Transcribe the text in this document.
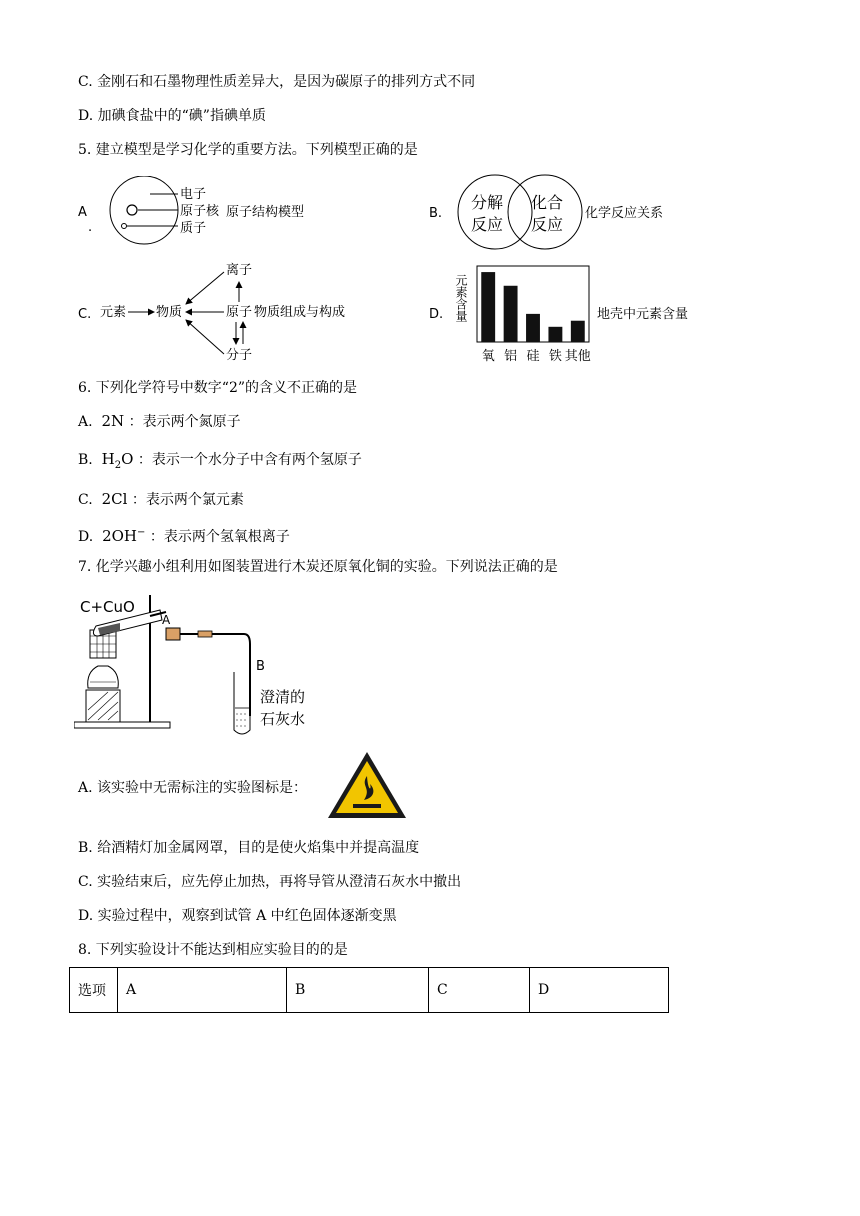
C. 金刚石和石墨物理性质差异大，是因为碳原子的排列方式不同
D. 加碘食盐中的“碘”指碘单质
5. 建立模型是学习化学的重要方法。下列模型正确的是
A
.
电子
原子核
质子
原子结构模型	B.
分解
反应
化合
反应
化学反应关系
C. 元素 物质
离子
原子
分子
物质组成与构成	D. 元素含量
氧 铝 硅 铁 其他
地壳中元素含量
6. 下列化学符号中数字“2”的含义不正确的是
A. 2N ：表示两个氮原子
B. $H_2O$ ：表示一个水分子中含有两个氢原子
C. 2Cl ：表示两个氯元素
D. 2OH− ：表示两个氢氧根离子
7. 化学兴趣小组利用如图装置进行木炭还原氧化铜的实验。下列说法正确的是
C+CuO
A
B
澄清的
石灰水
A. 该实验中无需标注的实验图标是：
B. 给酒精灯加金属网罩，目的是使火焰集中并提高温度
C. 实验结束后，应先停止加热，再将导管从澄清石灰水中撤出
D. 实验过程中，观察到试管 A 中红色固体逐渐变黑
8. 下列实验设计不能达到相应实验目的的是
选项	A	B	C	D
